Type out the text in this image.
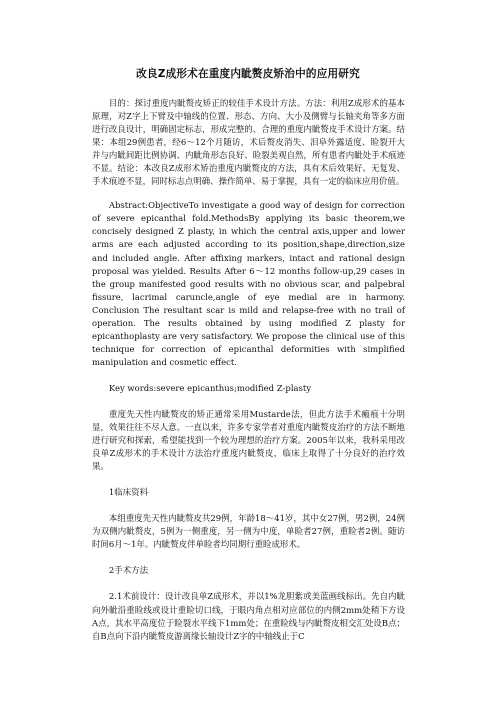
改良Z成形术在重度内眦赘皮矫治中的应用研究

目的：探讨重度内眦赘皮矫正的较佳手术设计方法。方法：利用Z成形术的基本原理，对Z字上下臂及中轴线的位置、形态、方向、大小及侧臂与长轴夹角等多方面进行改良设计，明确固定标志，形成完整的、合理的重度内眦赘皮手术设计方案。结果：本组29例患者，经6～12个月随访，术后赘皮消失、泪阜外露适度、睑裂开大并与内眦间距比例协调、内眦角形态良好、睑裂美观自然，所有患者内眦处手术痕迹不显。结论：本改良Z成形术矫治重度内眦赘皮的方法，具有术后效果好、无复发、手术痕迹不显，同时标志点明确、操作简单、易于掌握，具有一定的临床应用价值。

Abstract:ObjectiveTo investigate a good way of design for correction of severe epicanthal fold.MethodsBy applying its basic theorem,we concisely designed Z plasty, in which the central axis,upper and lower arms are each adjusted according to its position,shape,direction,size and included angle. After affixing markers, intact and rational design proposal was yielded. Results After 6～12 months follow-up,29 cases in the group manifested good results with no obvious scar, and palpebral fissure, lacrimal caruncle,angle of eye medial are in harmony. Conclusion The resultant scar is mild and relapse-free with no trail of operation. The results obtained by using modified Z plasty for epicanthoplasty are very satisfactory. We propose the clinical use of this technique for correction of epicanthal deformities with simplified manipulation and cosmetic effect.

Key words:severe epicanthus;modified Z-plasty

重度先天性内眦赘皮的矫正通常采用Mustarde法，但此方法手术瘢痕十分明显，效果往往不尽人意。一直以来，许多专家学者对重度内眦赘皮治疗的方法不断地进行研究和探索，希望能找到一个较为理想的治疗方案。2005年以来，我科采用改良单Z成形术的手术设计方法治疗重度内眦赘皮，临床上取得了十分良好的治疗效果。

1临床资料

本组重度先天性内眦赘皮共29例，年龄18～41岁，其中女27例，男2例，24例为双侧内眦赘皮，5例为一侧重度，另一侧为中度，单睑者27例，重睑者2例。随访时间6月～1年。内眦赘皮伴单睑者均同期行重睑成形术。

2手术方法

2.1术前设计：设计改良单Z成形术，并以1%龙胆紫或美蓝画线标出。先自内眦向外眦沿重睑线或设计重睑切口线，于眼内角点相对应部位的内侧2mm处稍下方设A点，其水平高度位于睑裂水平线下1mm处；在重睑线与内眦赘皮相交汇处设B点；自B点向下沿内眦赘皮游离缘长轴设计Z字的中轴线止于C
